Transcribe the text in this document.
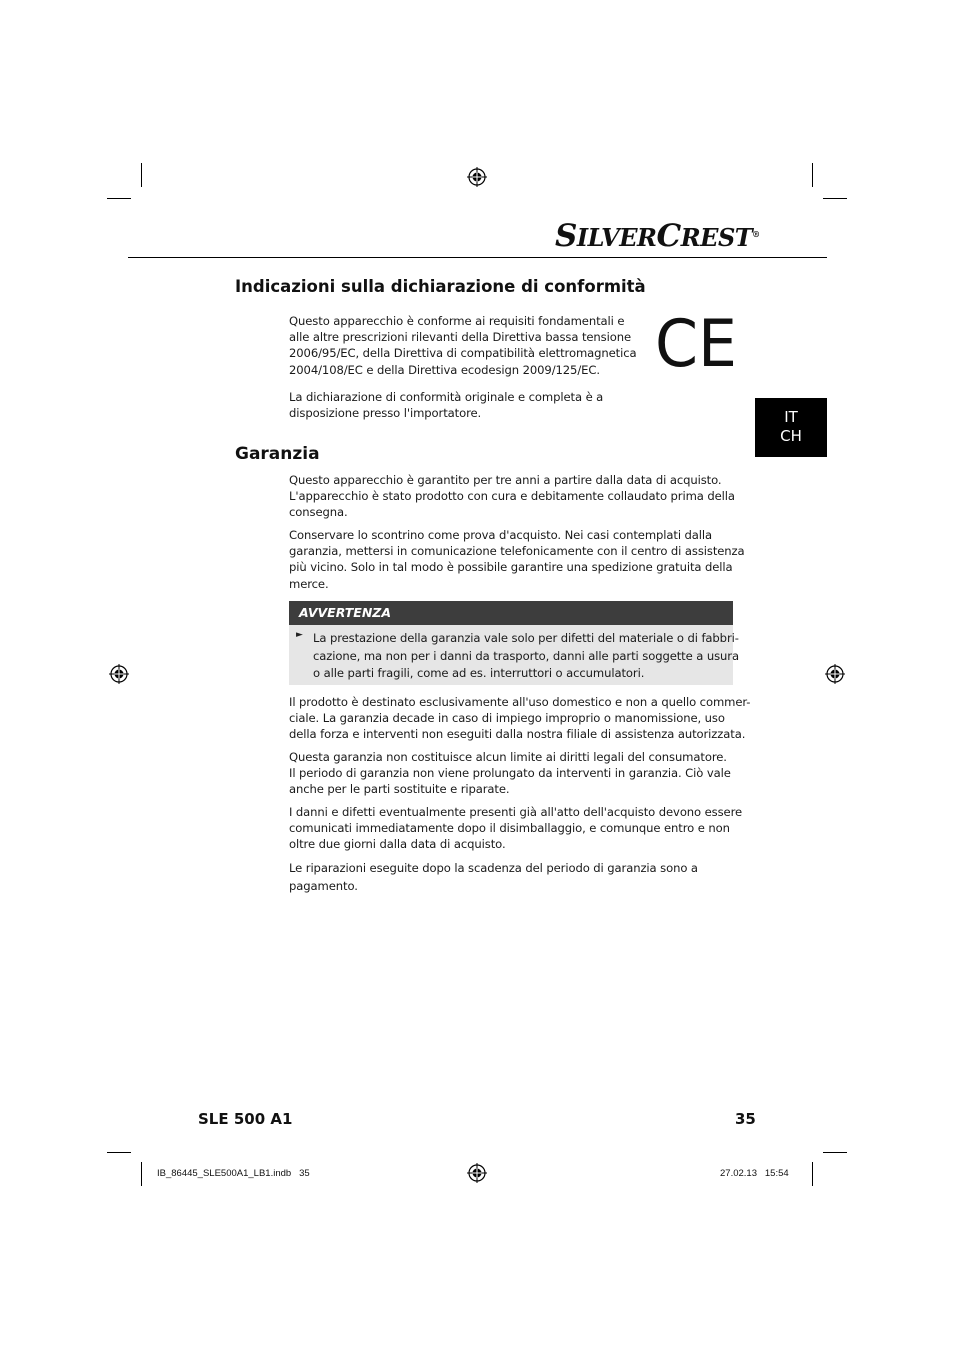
SILVERCREST®
IT
CH
Indicazioni sulla dichiarazione di conformità
Questo apparecchio è conforme ai requisiti fondamentali e
alle altre prescrizioni rilevanti della Direttiva bassa tensione
2006/95/EC, della Direttiva di compatibilità elettromagnetica
2004/108/EC e della Direttiva ecodesign 2009/125/EC.
La dichiarazione di conformità originale e completa è a
disposizione presso l'importatore.
CE
Garanzia
Questo apparecchio è garantito per tre anni a partire dalla data di acquisto.
L'apparecchio è stato prodotto con cura e debitamente collaudato prima della
consegna.
Conservare lo scontrino come prova d'acquisto. Nei casi contemplati dalla
garanzia, mettersi in comunicazione telefonicamente con il centro di assistenza
più vicino. Solo in tal modo è possibile garantire una spedizione gratuita della
merce.
AVVERTENZA
► La prestazione della garanzia vale solo per difetti del materiale o di fabbri-
cazione, ma non per i danni da trasporto, danni alle parti soggette a usura
o alle parti fragili, come ad es. interruttori o accumulatori.
Il prodotto è destinato esclusivamente all'uso domestico e non a quello commer-
ciale. La garanzia decade in caso di impiego improprio o manomissione, uso
della forza e interventi non eseguiti dalla nostra filiale di assistenza autorizzata.
Questa garanzia non costituisce alcun limite ai diritti legali del consumatore.
Il periodo di garanzia non viene prolungato da interventi in garanzia. Ciò vale
anche per le parti sostituite e riparate.
I danni e difetti eventualmente presenti già all'atto dell'acquisto devono essere
comunicati immediatamente dopo il disimballaggio, e comunque entro e non
oltre due giorni dalla data di acquisto.
Le riparazioni eseguite dopo la scadenza del periodo di garanzia sono a
pagamento.
SLE 500 A1	35
IB_86445_SLE500A1_LB1.indb   35	27.02.13   15:54
